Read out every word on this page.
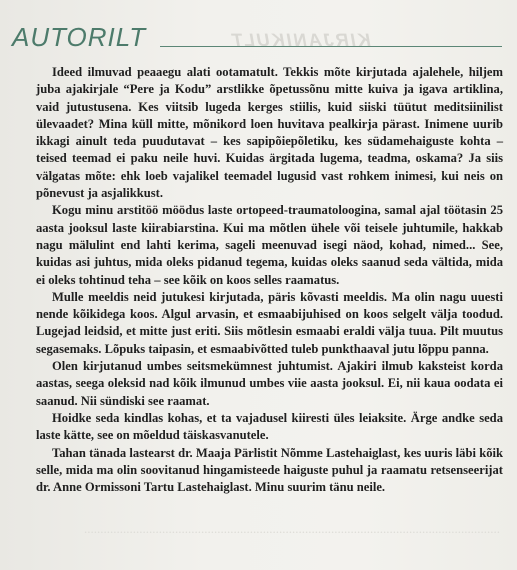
KIRJANIKULT
................................................................................................................................
AUTORILT

Ideed ilmuvad peaaegu alati ootamatult. Tekkis mõte kirjutada ajalehele, hiljem juba ajakirjale “Pere ja Kodu” arstlikke õpetussõnu mitte kuiva ja igava artiklina, vaid jutustusena. Kes viitsib lugeda kerges stiilis, kuid siiski tüütut meditsiinilist ülevaadet? Mina küll mitte, mõnikord loen huvitava pealkirja pärast. Inimene uurib ikkagi ainult teda puudutavat – kes sapipõiepõletiku, kes südamehaiguste kohta – teised teemad ei paku neile huvi. Kuidas ärgitada lugema, teadma, oskama? Ja siis välgatas mõte: ehk loeb vajalikel teemadel lugusid vast rohkem inimesi, kui neis on põnevust ja asjalikkust.

Kogu minu arstitöö möödus laste ortopeed-traumatoloogina, samal ajal töötasin 25 aasta jooksul laste kiirabiarstina. Kui ma mõtlen ühele või teisele juhtumile, hakkab nagu mälulint end lahti kerima, sageli meenuvad isegi näod, kohad, nimed... See, kuidas asi juhtus, mida oleks pidanud tegema, kuidas oleks saanud seda vältida, mida ei oleks tohtinud teha – see kõik on koos selles raamatus.

Mulle meeldis neid jutukesi kirjutada, päris kõvasti meeldis. Ma olin nagu uuesti nende kõikidega koos. Algul arvasin, et esmaabijuhised on koos selgelt välja toodud. Lugejad leidsid, et mitte just eriti. Siis mõtlesin esmaabi eraldi välja tuua. Pilt muutus segasemaks. Lõpuks taipasin, et esmaabivõtted tuleb punkthaaval jutu lõppu panna.

Olen kirjutanud umbes seitsmekümnest juhtumist. Ajakiri ilmub kaksteist korda aastas, seega oleksid nad kõik ilmunud umbes viie aasta jooksul. Ei, nii kaua oodata ei saanud. Nii sündiski see raamat.

Hoidke seda kindlas kohas, et ta vajadusel kiiresti üles leiaksite. Ärge andke seda laste kätte, see on mõeldud täiskasvanutele.

Tahan tänada lastearst dr. Maaja Pärlistit Nõmme Lastehaiglast, kes uuris läbi kõik selle, mida ma olin soovitanud hingamisteede haiguste puhul ja raamatu retsenseerijat dr. Anne Ormissoni Tartu Lastehaiglast. Minu suurim tänu neile.
